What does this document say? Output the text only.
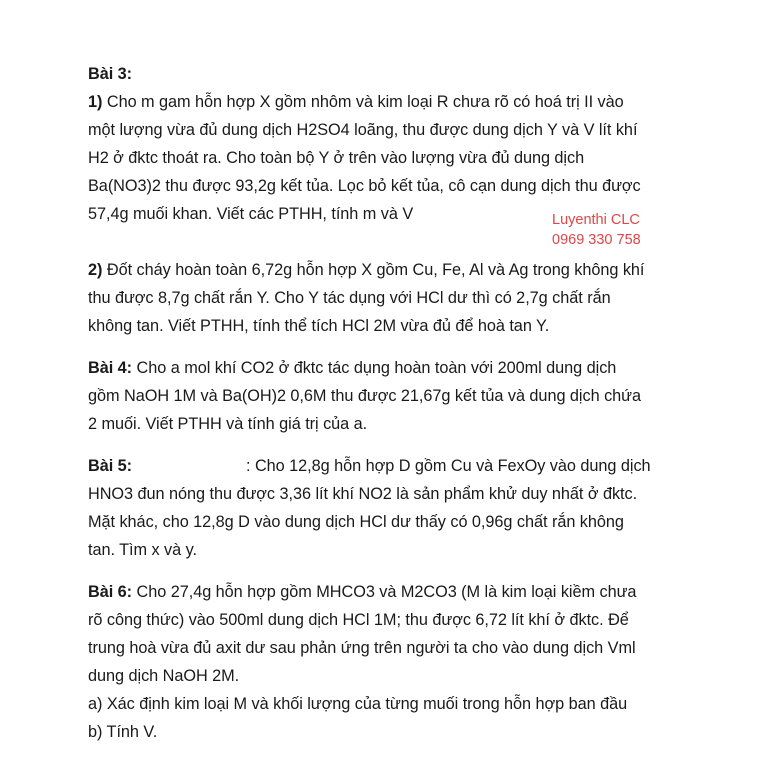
Bài 3:
1) Cho m gam hỗn hợp X gồm nhôm và kim loại R chưa rõ có hoá trị II vào
một lượng vừa đủ dung dịch H2SO4 loãng, thu được dung dịch Y và V lít khí
H2 ở đktc thoát ra. Cho toàn bộ Y ở trên vào lượng vừa đủ dung dịch
Ba(NO3)2 thu được 93,2g kết tủa. Lọc bỏ kết tủa, cô cạn dung dịch thu được
57,4g muối khan. Viết các PTHH, tính m và V	Luyenthi CLC
0969 330 758
2) Đốt cháy hoàn toàn 6,72g hỗn hợp X gồm Cu, Fe, Al và Ag trong không khí
thu được 8,7g chất rắn Y. Cho Y tác dụng với HCl dư thì có 2,7g chất rắn
không tan. Viết PTHH, tính thể tích HCl 2M vừa đủ để hoà tan Y.
Bài 4: Cho a mol khí CO2 ở đktc tác dụng hoàn toàn với 200ml dung dịch
gồm NaOH 1M và Ba(OH)2 0,6M thu được 21,67g kết tủa và dung dịch chứa
2 muối. Viết PTHH và tính giá trị của a.
Bài 5:	: Cho 12,8g hỗn hợp D gồm Cu và FexOy vào dung dịch
HNO3 đun nóng thu được 3,36 lít khí NO2 là sản phẩm khử duy nhất ở đktc.
Mặt khác, cho 12,8g D vào dung dịch HCl dư thấy có 0,96g chất rắn không
tan. Tìm x và y.
Bài 6: Cho 27,4g hỗn hợp gồm MHCO3 và M2CO3 (M là kim loại kiềm chưa
rõ công thức) vào 500ml dung dịch HCl 1M; thu được 6,72 lít khí ở đktc. Để
trung hoà vừa đủ axit dư sau phản ứng trên người ta cho vào dung dịch Vml
dung dịch NaOH 2M.
a) Xác định kim loại M và khối lượng của từng muối trong hỗn hợp ban đầu
b) Tính V.
